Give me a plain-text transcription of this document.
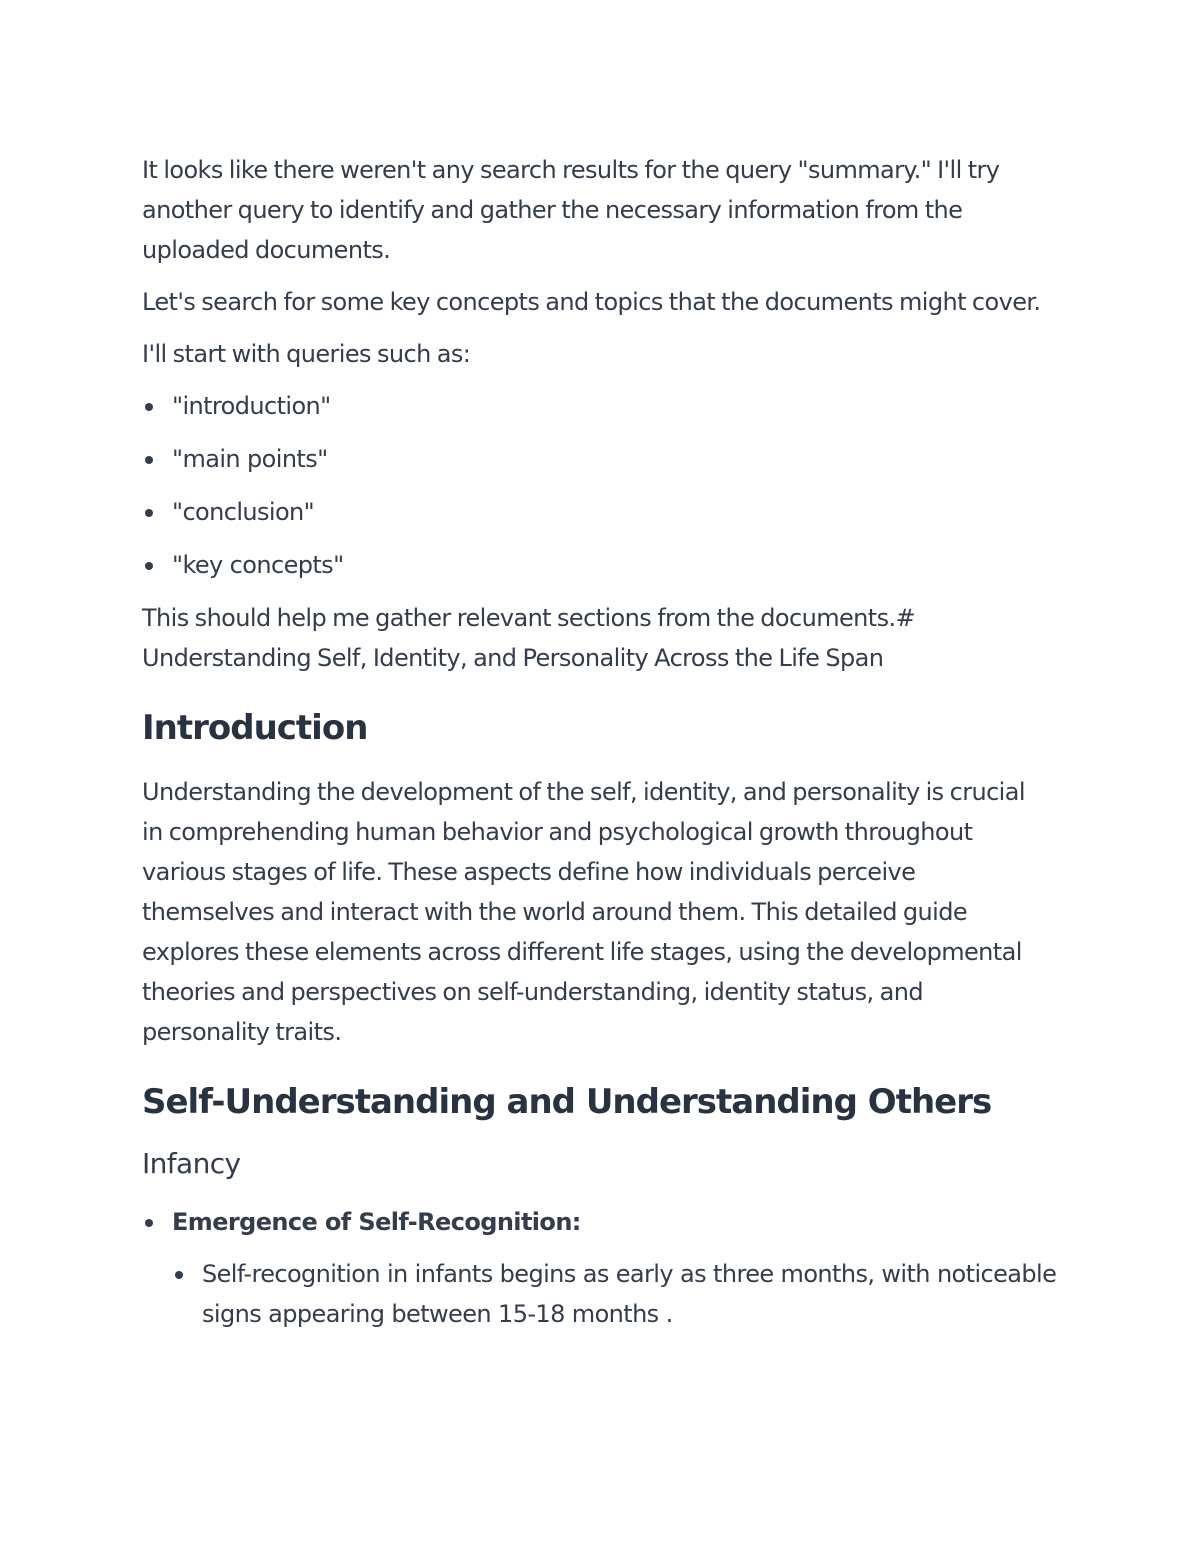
It looks like there weren't any search results for the query "summary." I'll try another query to identify and gather the necessary information from the uploaded documents.

Let's search for some key concepts and topics that the documents might cover.

I'll start with queries such as:

"introduction"
"main points"
"conclusion"
"key concepts"

This should help me gather relevant sections from the documents.# Understanding Self, Identity, and Personality Across the Life Span

Introduction

Understanding the development of the self, identity, and personality is crucial in comprehending human behavior and psychological growth throughout various stages of life. These aspects define how individuals perceive themselves and interact with the world around them. This detailed guide explores these elements across different life stages, using the developmental theories and perspectives on self-understanding, identity status, and personality traits.

Self-Understanding and Understanding Others
Infancy
Emergence of Self-Recognition:
Self-recognition in infants begins as early as three months, with noticeable signs appearing between 15-18 months .
